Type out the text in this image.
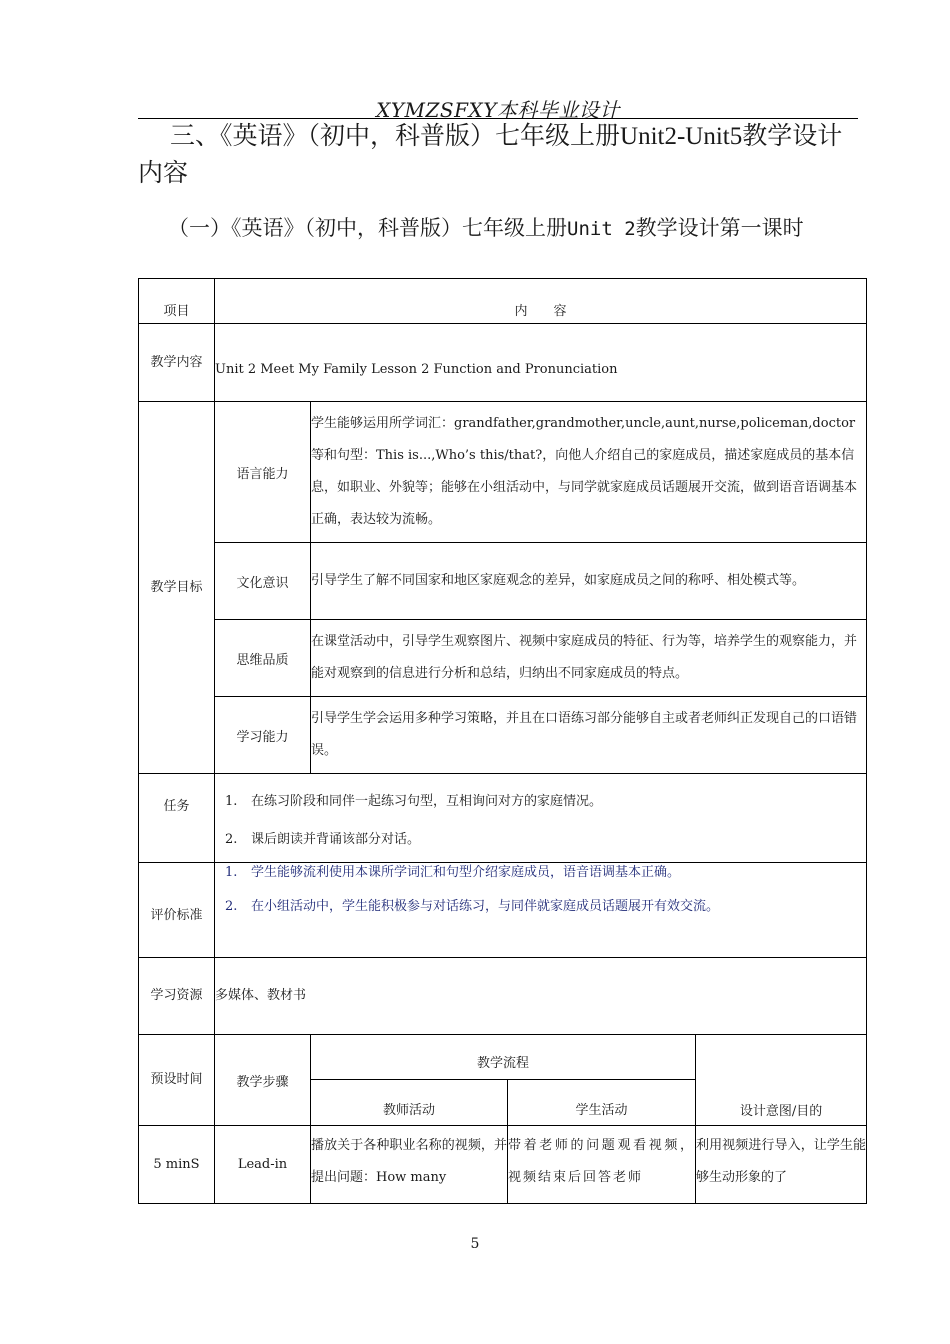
XYMZSFXY本科毕业设计
三、《英语》（初中，科普版）七年级上册Unit2-Unit5教学设计内容
（一）《英语》（初中，科普版）七年级上册Unit 2教学设计第一课时
项目	内　　容			
教学内容	Unit 2 Meet My Family Lesson 2 Function and Pronunciation			
教学目标	语言能力	学生能够运用所学词汇：grandfather,grandmother,uncle,aunt,nurse,policeman,doctor 等和句型：This is...,Who’s this/that?，向他人介绍自己的家庭成员，描述家庭成员的基本信息，如职业、外貌等；能够在小组活动中，与同学就家庭成员话题展开交流，做到语音语调基本正确，表达较为流畅。		
	文化意识	引导学生了解不同国家和地区家庭观念的差异，如家庭成员之间的称呼、相处模式等。		
	思维品质	在课堂活动中，引导学生观察图片、视频中家庭成员的特征、行为等，培养学生的观察能力，并能对观察到的信息进行分析和总结，归纳出不同家庭成员的特点。		
	学习能力	引导学生学会运用多种学习策略，并且在口语练习部分能够自主或者老师纠正发现自己的口语错误。		
任务	1. 在练习阶段和同伴一起练习句型，互相询问对方的家庭情况。
2. 课后朗读并背诵该部分对话。			

评价标准	1. 学生能够流利使用本课所学词汇和句型介绍家庭成员，语音语调基本正确。
2. 在小组活动中，学生能积极参与对话练习，与同伴就家庭成员话题展开有效交流。			

学习资源	多媒体、教材书			
预设时间	教学步骤	教学流程		设计意图/目的
		教师活动	学生活动	
5 minS	Lead-in	播放关于各种职业名称的视频，并提出问题：How many	带着老师的问题观看视频，视频结束后回答老师	利用视频进行导入，让学生能够生动形象的了
5
